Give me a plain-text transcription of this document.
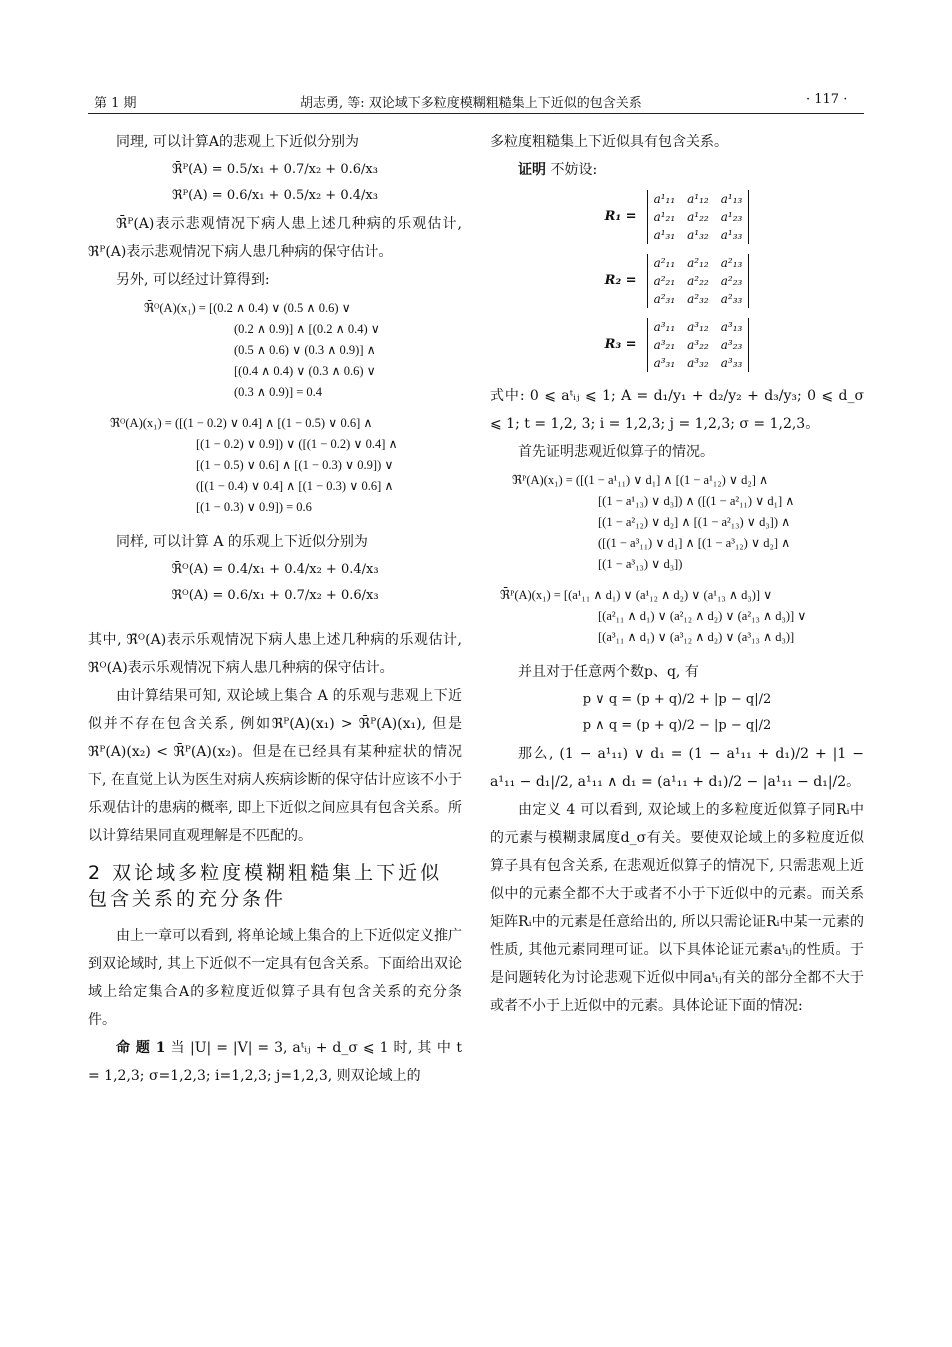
第 1 期	胡志勇, 等: 双论域下多粒度模糊粗糙集上下近似的包含关系	· 117 ·

同理, 可以计算A的悲观上下近似分别为

ℜ̄ᴾ(A) = 0.5/x₁ + 0.7/x₂ + 0.6/x₃
ℜᴾ(A) = 0.6/x₁ + 0.5/x₂ + 0.4/x₃

ℜ̄ᴾ(A)表示悲观情况下病人患上述几种病的乐观估计, ℜᴾ(A)表示悲观情况下病人患几种病的保守估计。

另外, 可以经过计算得到:

ℜ̄ᴼ(A)(x₁) = [(0.2 ∧ 0.4) ∨ (0.5 ∧ 0.6) ∨
(0.2 ∧ 0.9)] ∧ [(0.2 ∧ 0.4) ∨
(0.5 ∧ 0.6) ∨ (0.3 ∧ 0.9)] ∧
[(0.4 ∧ 0.4) ∨ (0.3 ∧ 0.6) ∨
(0.3 ∧ 0.9)] = 0.4
ℜᴼ(A)(x₁) = ([(1 − 0.2) ∨ 0.4] ∧ [(1 − 0.5) ∨ 0.6] ∧
[(1 − 0.2) ∨ 0.9]) ∨ ([(1 − 0.2) ∨ 0.4] ∧
[(1 − 0.5) ∨ 0.6] ∧ [(1 − 0.3) ∨ 0.9]) ∨
([(1 − 0.4) ∨ 0.4] ∧ [(1 − 0.3) ∨ 0.6] ∧
[(1 − 0.3) ∨ 0.9]) = 0.6

同样, 可以计算 A 的乐观上下近似分别为

ℜ̄ᴼ(A) = 0.4/x₁ + 0.4/x₂ + 0.4/x₃
ℜᴼ(A) = 0.6/x₁ + 0.7/x₂ + 0.6/x₃

其中, ℜ̄ᴼ(A)表示乐观情况下病人患上述几种病的乐观估计, ℜᴼ(A)表示乐观情况下病人患几种病的保守估计。

由计算结果可知, 双论域上集合 A 的乐观与悲观上下近似并不存在包含关系, 例如ℜᴾ(A)(x₁) > ℜ̄ᴾ(A)(x₁), 但是 ℜᴾ(A)(x₂) < ℜ̄ᴾ(A)(x₂)。但是在已经具有某种症状的情况下, 在直觉上认为医生对病人疾病诊断的保守估计应该不小于乐观估计的患病的概率, 即上下近似之间应具有包含关系。所以计算结果同直观理解是不匹配的。

2 双论域多粒度模糊粗糙集上下近似包含关系的充分条件

由上一章可以看到, 将单论域上集合的上下近似定义推广到双论域时, 其上下近似不一定具有包含关系。下面给出双论域上给定集合A的多粒度近似算子具有包含关系的充分条件。

命 题 1 当 |U| = |V| = 3, aᵗᵢⱼ + d_σ ⩽ 1 时, 其 中 t = 1,2,3; σ=1,2,3; i=1,2,3; j=1,2,3, 则双论域上的

多粒度粗糙集上下近似具有包含关系。

证明 不妨设:

R₁ =
a¹₁₁	a¹₁₂	a¹₁₃
a¹₂₁	a¹₂₂	a¹₂₃
a¹₃₁	a¹₃₂	a¹₃₃
R₂ =
a²₁₁	a²₁₂	a²₁₃
a²₂₁	a²₂₂	a²₂₃
a²₃₁	a²₃₂	a²₃₃
R₃ =
a³₁₁	a³₁₂	a³₁₃
a³₂₁	a³₂₂	a³₂₃
a³₃₁	a³₃₂	a³₃₃

式中: 0 ⩽ aᵗᵢⱼ ⩽ 1; A = d₁/y₁ + d₂/y₂ + d₃/y₃; 0 ⩽ d_σ ⩽ 1; t = 1,2, 3; i = 1,2,3; j = 1,2,3; σ = 1,2,3。

首先证明悲观近似算子的情况。

ℜᴾ(A)(x₁) = ([(1 − a¹₁₁) ∨ d₁] ∧ [(1 − a¹₁₂) ∨ d₂] ∧
[(1 − a¹₁₃) ∨ d₃]) ∧ ([(1 − a²₁₁) ∨ d₁] ∧
[(1 − a²₁₂) ∨ d₂] ∧ [(1 − a²₁₃) ∨ d₃]) ∧
([(1 − a³₁₁) ∨ d₁] ∧ [(1 − a³₁₂) ∨ d₂] ∧
[(1 − a³₁₃) ∨ d₃])
ℜ̄ᴾ(A)(x₁) = [(a¹₁₁ ∧ d₁) ∨ (a¹₁₂ ∧ d₂) ∨ (a¹₁₃ ∧ d₃)] ∨
[(a²₁₁ ∧ d₁) ∨ (a²₁₂ ∧ d₂) ∨ (a²₁₃ ∧ d₃)] ∨
[(a³₁₁ ∧ d₁) ∨ (a³₁₂ ∧ d₂) ∨ (a³₁₃ ∧ d₃)]

并且对于任意两个数p、q, 有

p ∨ q = (p + q)/2 + |p − q|/2
p ∧ q = (p + q)/2 − |p − q|/2

那么, (1 − a¹₁₁) ∨ d₁ = (1 − a¹₁₁ + d₁)/2 + |1 − a¹₁₁ − d₁|/2, a¹₁₁ ∧ d₁ = (a¹₁₁ + d₁)/2 − |a¹₁₁ − d₁|/2。

由定义 4 可以看到, 双论域上的多粒度近似算子同Rᵢ中的元素与模糊隶属度d_σ有关。要使双论域上的多粒度近似算子具有包含关系, 在悲观近似算子的情况下, 只需悲观上近似中的元素全都不大于或者不小于下近似中的元素。而关系矩阵Rᵢ中的元素是任意给出的, 所以只需论证Rᵢ中某一元素的性质, 其他元素同理可证。以下具体论证元素aᵗᵢⱼ的性质。于是问题转化为讨论悲观下近似中同aᵗᵢⱼ有关的部分全都不大于或者不小于上近似中的元素。具体论证下面的情况:
